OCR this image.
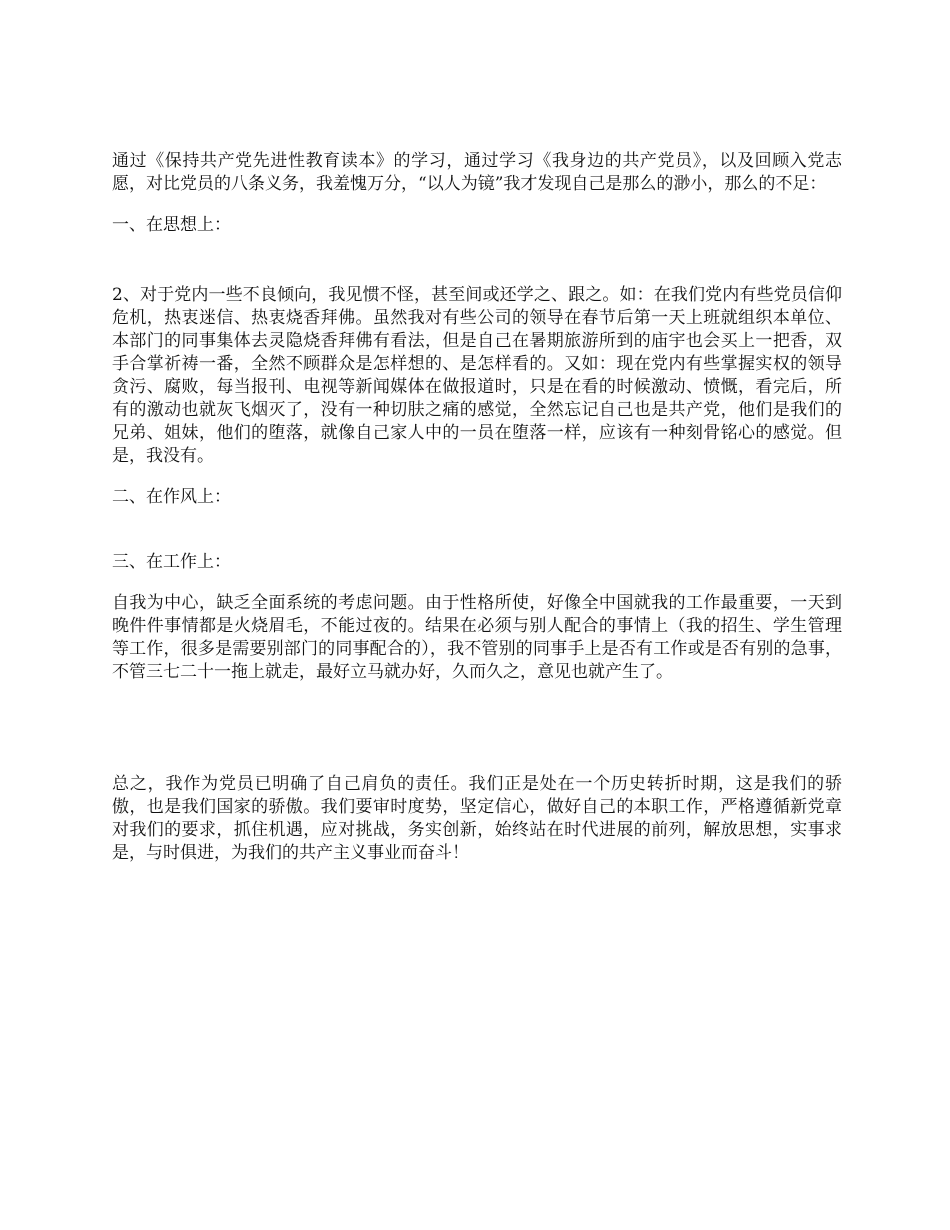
通过《保持共产党先进性教育读本》的学习，通过学习《我身边的共产党员》，以及回顾入党志愿，对比党员的八条义务，我羞愧万分，“以人为镜”我才发现自己是那么的渺小，那么的不足：

一、在思想上：

2、对于党内一些不良倾向，我见惯不怪，甚至间或还学之、跟之。如：在我们党内有些党员信仰危机，热衷迷信、热衷烧香拜佛。虽然我对有些公司的领导在春节后第一天上班就组织本单位、本部门的同事集体去灵隐烧香拜佛有看法，但是自己在暑期旅游所到的庙宇也会买上一把香，双手合掌祈祷一番，全然不顾群众是怎样想的、是怎样看的。又如：现在党内有些掌握实权的领导贪污、腐败，每当报刊、电视等新闻媒体在做报道时，只是在看的时候激动、愤慨，看完后，所有的激动也就灰飞烟灭了，没有一种切肤之痛的感觉，全然忘记自己也是共产党，他们是我们的兄弟、姐妹，他们的堕落，就像自己家人中的一员在堕落一样，应该有一种刻骨铭心的感觉。但是，我没有。

二、在作风上：

三、在工作上：

自我为中心，缺乏全面系统的考虑问题。由于性格所使，好像全中国就我的工作最重要，一天到晚件件事情都是火烧眉毛，不能过夜的。结果在必须与别人配合的事情上（我的招生、学生管理等工作，很多是需要别部门的同事配合的），我不管别的同事手上是否有工作或是否有别的急事，不管三七二十一拖上就走，最好立马就办好，久而久之，意见也就产生了。

总之，我作为党员已明确了自己肩负的责任。我们正是处在一个历史转折时期，这是我们的骄傲，也是我们国家的骄傲。我们要审时度势，坚定信心，做好自己的本职工作，严格遵循新党章对我们的要求，抓住机遇，应对挑战，务实创新，始终站在时代进展的前列，解放思想，实事求是，与时俱进，为我们的共产主义事业而奋斗！
